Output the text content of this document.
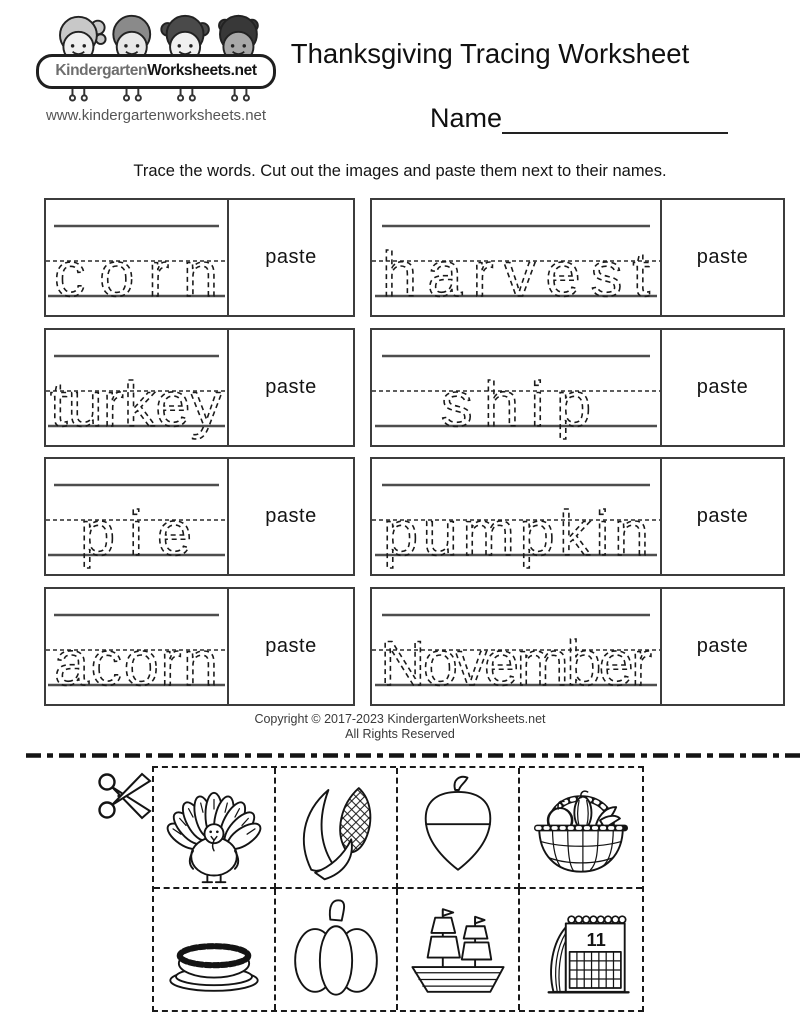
KindergartenWorksheets.net
www.kindergartenworksheets.net
Thanksgiving Tracing Worksheet
Name
Trace the words. Cut out the images and paste them next to their names.
corn paste harvest paste
turkey paste ship	paste
pie	paste pumpkin paste
acorn paste November paste
Copyright © 2017-2023 KindergartenWorksheets.net
All Rights Reserved
11
